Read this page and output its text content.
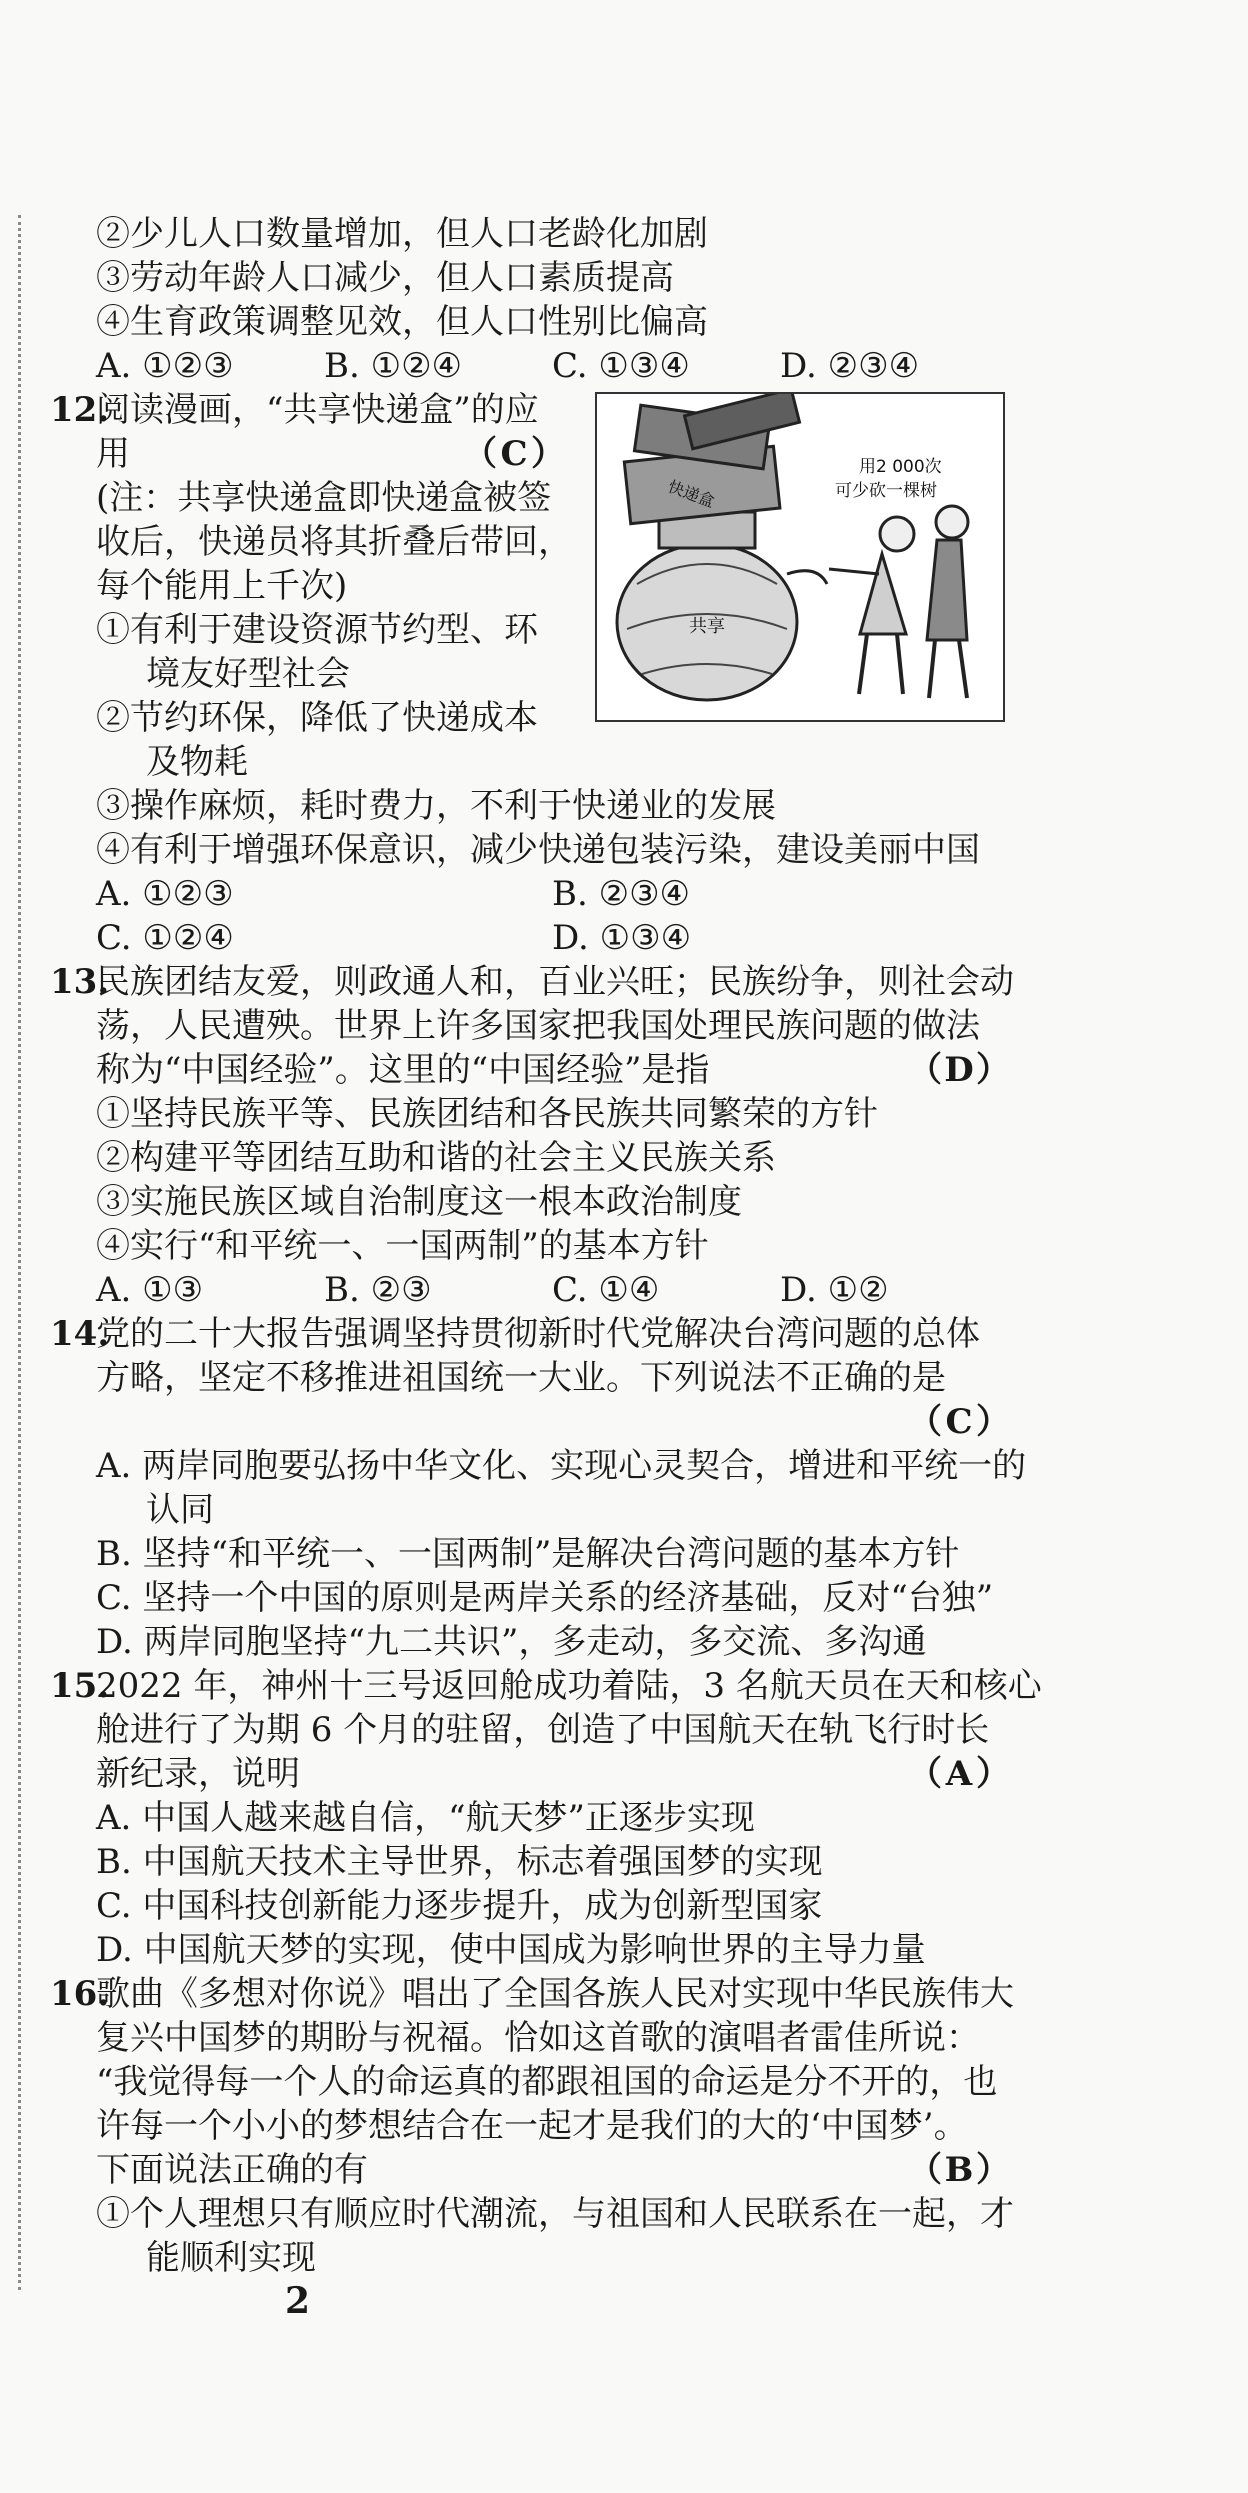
②少儿人口数量增加，但人口老龄化加剧
③劳动年龄人口减少，但人口素质提高
④生育政策调整见效，但人口性别比偏高
A. ①②③	B. ①②④	C. ①③④	D. ②③④
快递盒
共享
用2 000次
可少砍一棵树
12.阅读漫画，“共享快递盒”的应
用	（ C ）
(注：共享快递盒即快递盒被签
收后，快递员将其折叠后带回，
每个能用上千次)
①有利于建设资源节约型、环
境友好型社会
②节约环保，降低了快递成本
及物耗
③操作麻烦，耗时费力，不利于快递业的发展
④有利于增强环保意识，减少快递包装污染，建设美丽中国
A. ①②③	B. ②③④
C. ①②④	D. ①③④
13.民族团结友爱，则政通人和，百业兴旺；民族纷争，则社会动
荡，人民遭殃。世界上许多国家把我国处理民族问题的做法
称为“中国经验”。这里的“中国经验”是指	（D）
①坚持民族平等、民族团结和各民族共同繁荣的方针
②构建平等团结互助和谐的社会主义民族关系
③实施民族区域自治制度这一根本政治制度
④实行“和平统一、一国两制”的基本方针
A. ①③	B. ②③	C. ①④	D. ①②
14.党的二十大报告强调坚持贯彻新时代党解决台湾问题的总体
方略，坚定不移推进祖国统一大业。下列说法不正确的是

（ C ）
A. 两岸同胞要弘扬中华文化、实现心灵契合，增进和平统一的
认同
B. 坚持“和平统一、一国两制”是解决台湾问题的基本方针
C. 坚持一个中国的原则是两岸关系的经济基础，反对“台独”
D. 两岸同胞坚持“九二共识”，多走动，多交流、多沟通
15.2022 年，神州十三号返回舱成功着陆，3 名航天员在天和核心
舱进行了为期 6 个月的驻留，创造了中国航天在轨飞行时长
新纪录，说明	（ A ）
A. 中国人越来越自信，“航天梦”正逐步实现
B. 中国航天技术主导世界，标志着强国梦的实现
C. 中国科技创新能力逐步提升，成为创新型国家
D. 中国航天梦的实现，使中国成为影响世界的主导力量
16.歌曲《多想对你说》唱出了全国各族人民对实现中华民族伟大
复兴中国梦的期盼与祝福。恰如这首歌的演唱者雷佳所说：
“我觉得每一个人的命运真的都跟祖国的命运是分不开的，也
许每一个小小的梦想结合在一起才是我们的大的‘中国梦’。
下面说法正确的有	（B）
①个人理想只有顺应时代潮流，与祖国和人民联系在一起，才
能顺利实现
2
